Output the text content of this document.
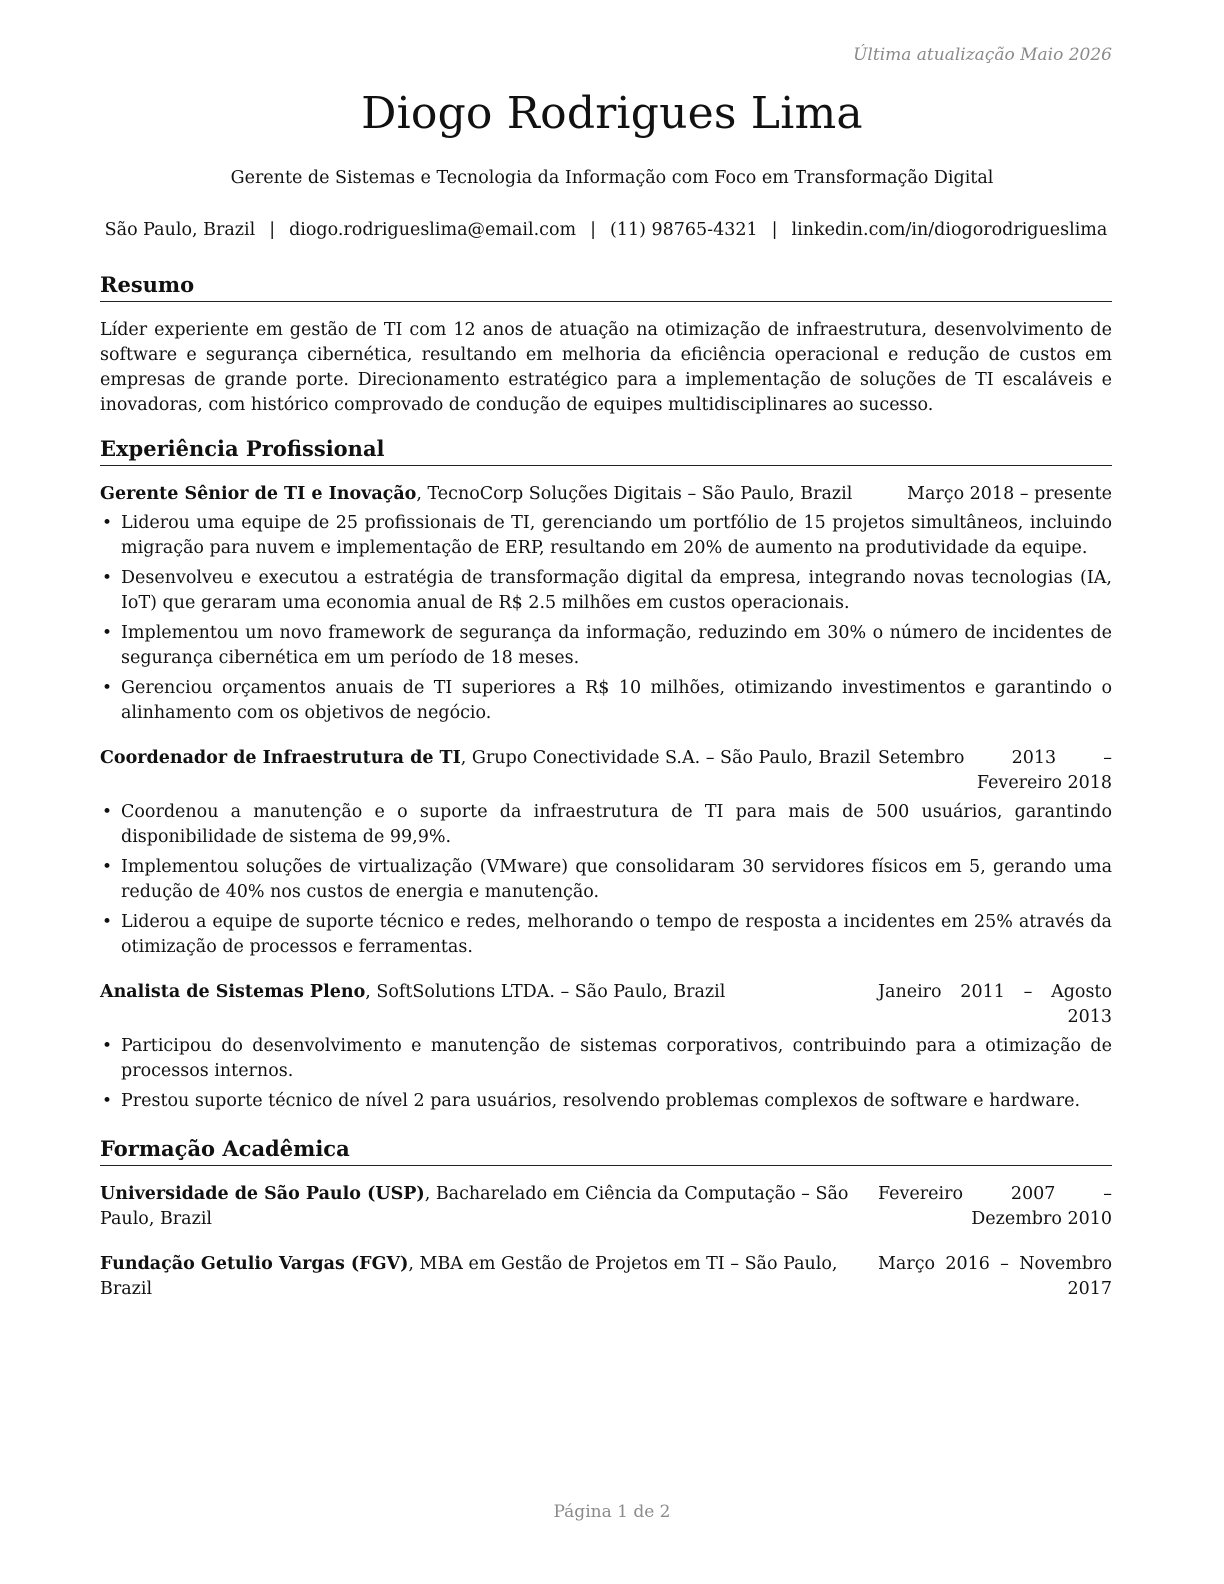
Última atualização Maio 2026
Diogo Rodrigues Lima
Gerente de Sistemas e Tecnologia da Informação com Foco em Transformação Digital
São Paulo, Brazil | diogo.rodrigueslima@email.com | (11) 98765-4321 | linkedin.com/in/diogorodrigueslima
Resumo

Líder experiente em gestão de TI com 12 anos de atuação na otimização de infraestrutura, desenvolvimento de software e segurança cibernética, resultando em melhoria da eficiência operacional e redução de custos em empresas de grande porte. Direcionamento estratégico para a implementação de soluções de TI escaláveis e inovadoras, com histórico comprovado de condução de equipes multidisciplinares ao sucesso.

Experiência Profissional
Gerente Sênior de TI e Inovação, TecnoCorp Soluções Digitais – São Paulo, Brazil	Março 2018 – presente
• Liderou uma equipe de 25 profissionais de TI, gerenciando um portfólio de 15 projetos simultâneos, incluindo migração para nuvem e implementação de ERP, resultando em 20% de aumento na produtividade da equipe.
• Desenvolveu e executou a estratégia de transformação digital da empresa, integrando novas tecnologias (IA, IoT) que geraram uma economia anual de R$ 2.5 milhões em custos operacionais.
• Implementou um novo framework de segurança da informação, reduzindo em 30% o número de incidentes de segurança cibernética em um período de 18 meses.
• Gerenciou orçamentos anuais de TI superiores a R$ 10 milhões, otimizando investimentos e garantindo o alinhamento com os objetivos de negócio.
Coordenador de Infraestrutura de TI, Grupo Conectividade S.A. – São Paulo, Brazil Setembro 2013 – Fevereiro 2018
• Coordenou a manutenção e o suporte da infraestrutura de TI para mais de 500 usuários, garantindo disponibilidade de sistema de 99,9%.
• Implementou soluções de virtualização (VMware) que consolidaram 30 servidores físicos em 5, gerando uma redução de 40% nos custos de energia e manutenção.
• Liderou a equipe de suporte técnico e redes, melhorando o tempo de resposta a incidentes em 25% através da otimização de processos e ferramentas.
Analista de Sistemas Pleno, SoftSolutions LTDA. – São Paulo, Brazil	Janeiro 2011 – Agosto 2013
• Participou do desenvolvimento e manutenção de sistemas corporativos, contribuindo para a otimização de processos internos.
• Prestou suporte técnico de nível 2 para usuários, resolvendo problemas complexos de software e hardware.
Formação Acadêmica
Universidade de São Paulo (USP), Bacharelado em Ciência da Computação – São Paulo, Brazil
Fevereiro 2007 – Dezembro 2010
Fundação Getulio Vargas (FGV), MBA em Gestão de Projetos em TI – São Paulo, Brazil
Março 2016 – Novembro 2017
Página 1 de 2
